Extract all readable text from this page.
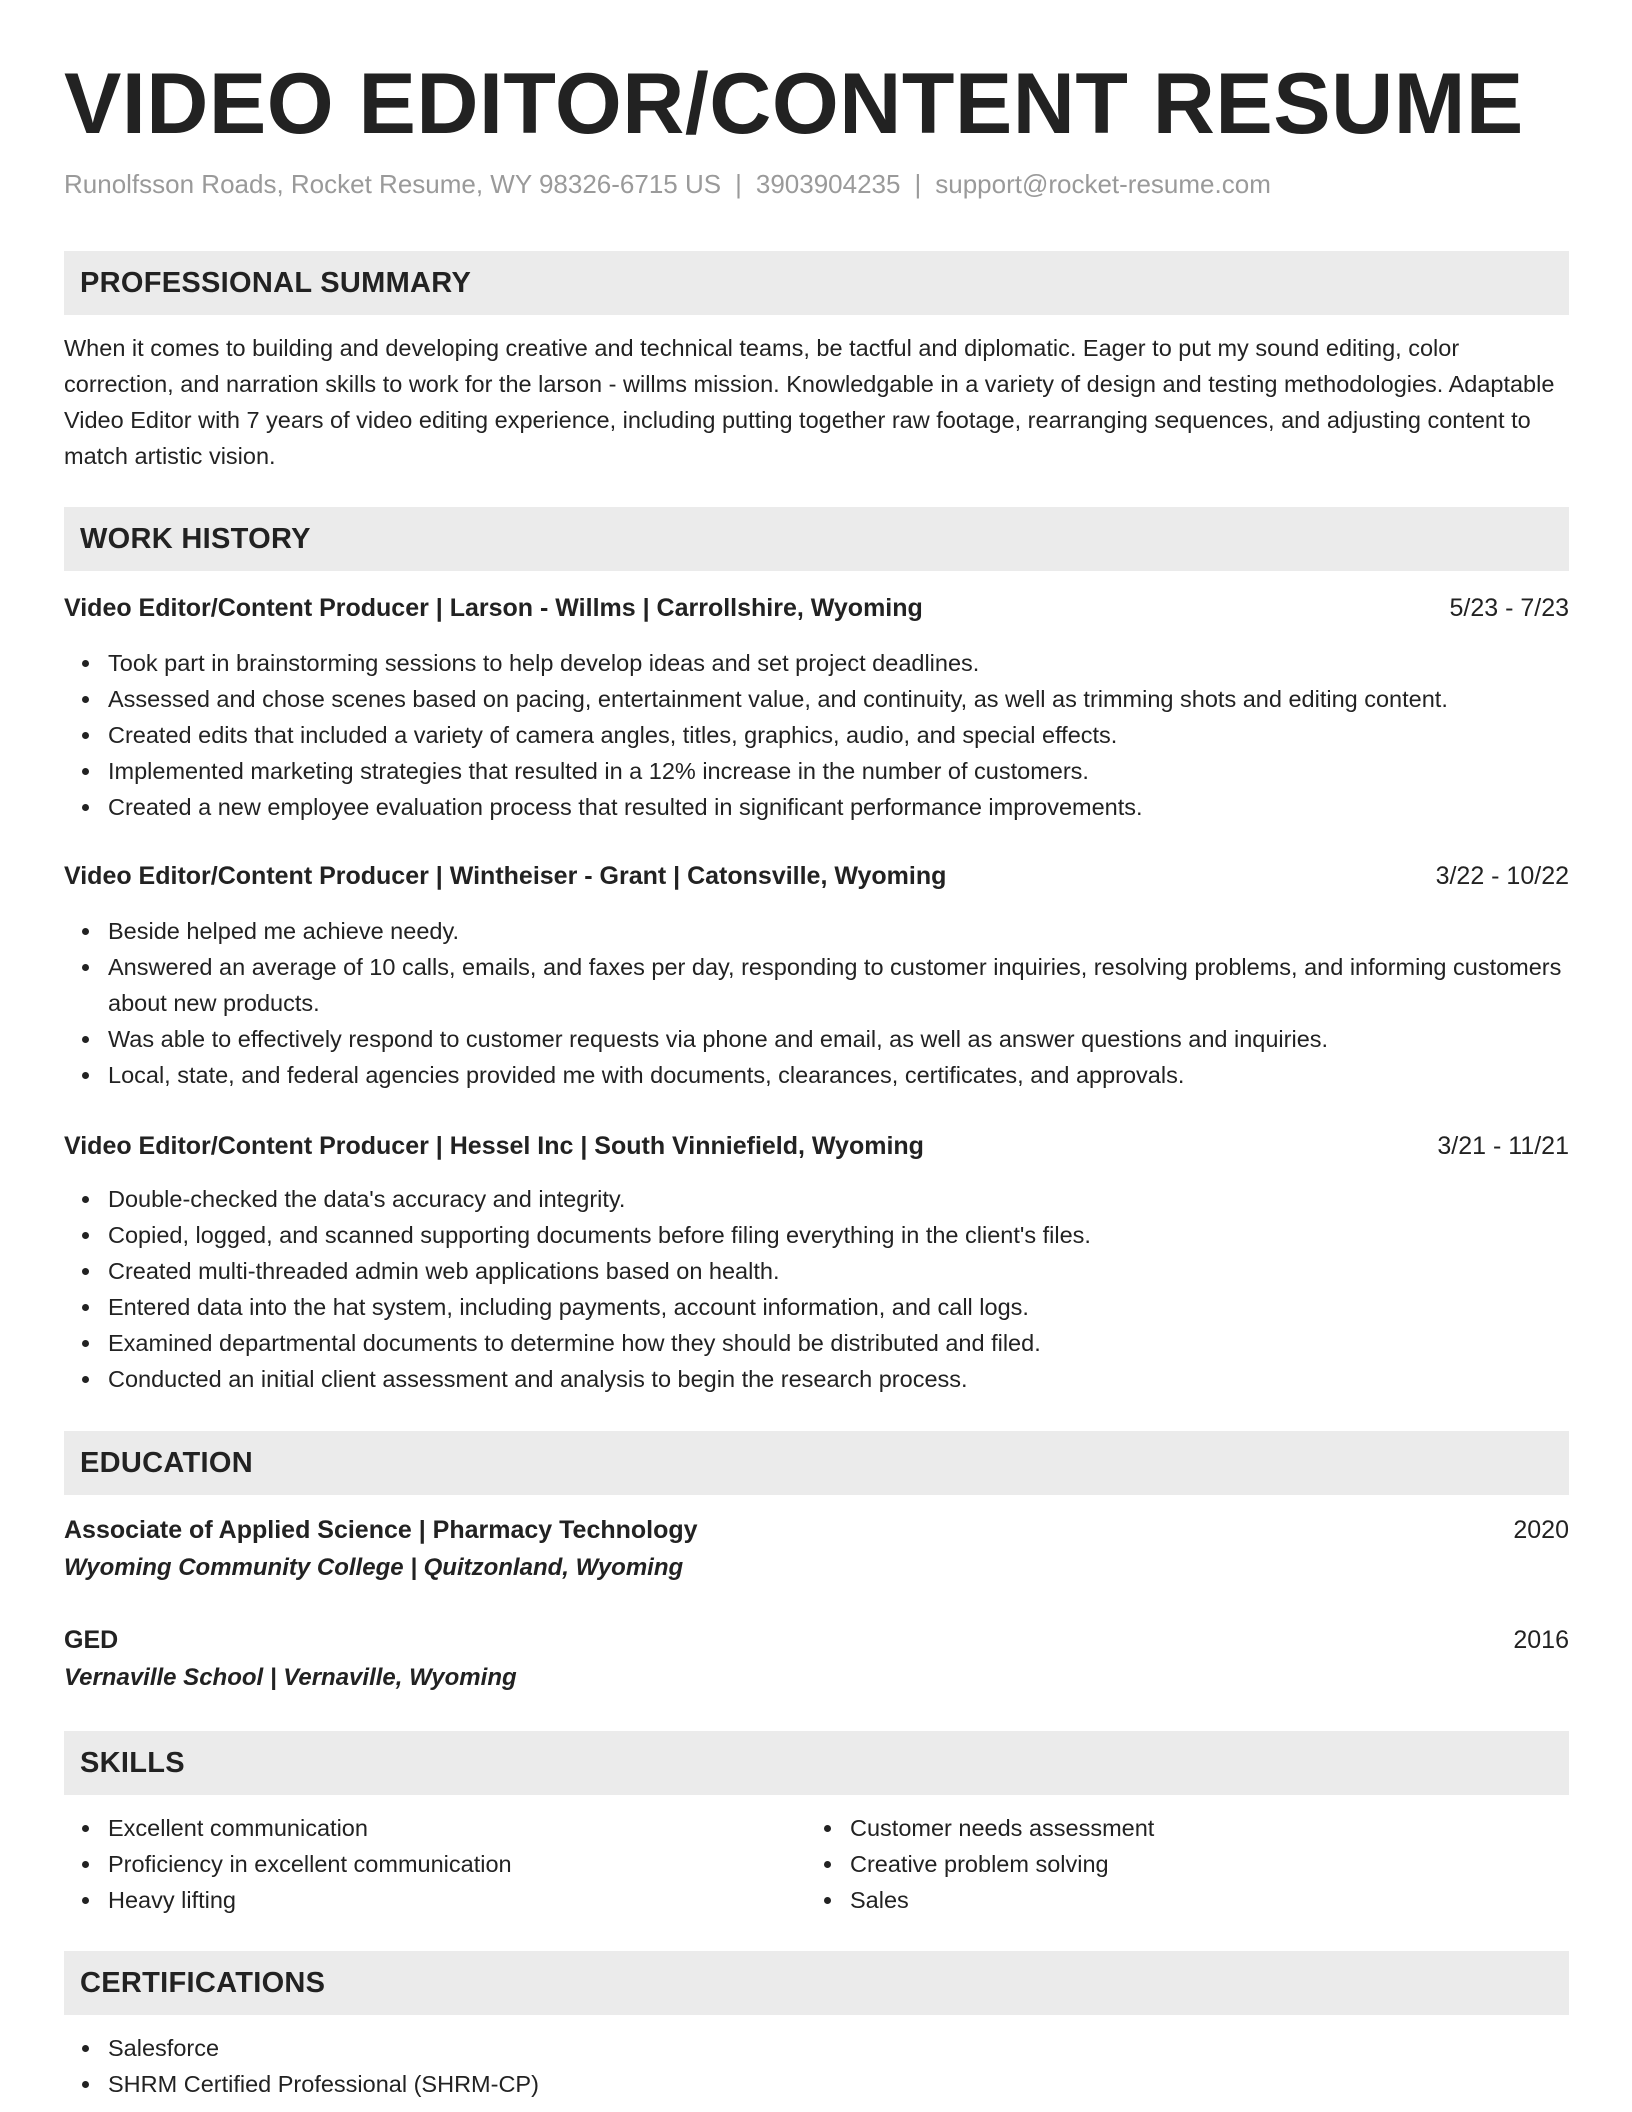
VIDEO EDITOR/CONTENT RESUME
Runolfsson Roads, Rocket Resume, WY 98326-6715 US | 3903904235 | support@rocket-resume.com
PROFESSIONAL SUMMARY
When it comes to building and developing creative and technical teams, be tactful and diplomatic. Eager to put my sound editing, color correction, and narration skills to work for the larson - willms mission. Knowledgable in a variety of design and testing methodologies. Adaptable Video Editor with 7 years of video editing experience, including putting together raw footage, rearranging sequences, and adjusting content to match artistic vision.
WORK HISTORY
Video Editor/Content Producer | Larson - Willms | Carrollshire, Wyoming	5/23 - 7/23
Took part in brainstorming sessions to help develop ideas and set project deadlines.
Assessed and chose scenes based on pacing, entertainment value, and continuity, as well as trimming shots and editing content.
Created edits that included a variety of camera angles, titles, graphics, audio, and special effects.
Implemented marketing strategies that resulted in a 12% increase in the number of customers.
Created a new employee evaluation process that resulted in significant performance improvements.
Video Editor/Content Producer | Wintheiser - Grant | Catonsville, Wyoming	3/22 - 10/22
Beside helped me achieve needy.
Answered an average of 10 calls, emails, and faxes per day, responding to customer inquiries, resolving problems, and informing customers about new products.
Was able to effectively respond to customer requests via phone and email, as well as answer questions and inquiries.
Local, state, and federal agencies provided me with documents, clearances, certificates, and approvals.
Video Editor/Content Producer | Hessel Inc | South Vinniefield, Wyoming	3/21 - 11/21
Double-checked the data's accuracy and integrity.
Copied, logged, and scanned supporting documents before filing everything in the client's files.
Created multi-threaded admin web applications based on health.
Entered data into the hat system, including payments, account information, and call logs.
Examined departmental documents to determine how they should be distributed and filed.
Conducted an initial client assessment and analysis to begin the research process.
EDUCATION
Associate of Applied Science | Pharmacy Technology	2020
Wyoming Community College | Quitzonland, Wyoming
GED	2016
Vernaville School | Vernaville, Wyoming
SKILLS
Excellent communication
Proficiency in excellent communication
Heavy lifting
Customer needs assessment
Creative problem solving
Sales
CERTIFICATIONS
Salesforce
SHRM Certified Professional (SHRM-CP)
